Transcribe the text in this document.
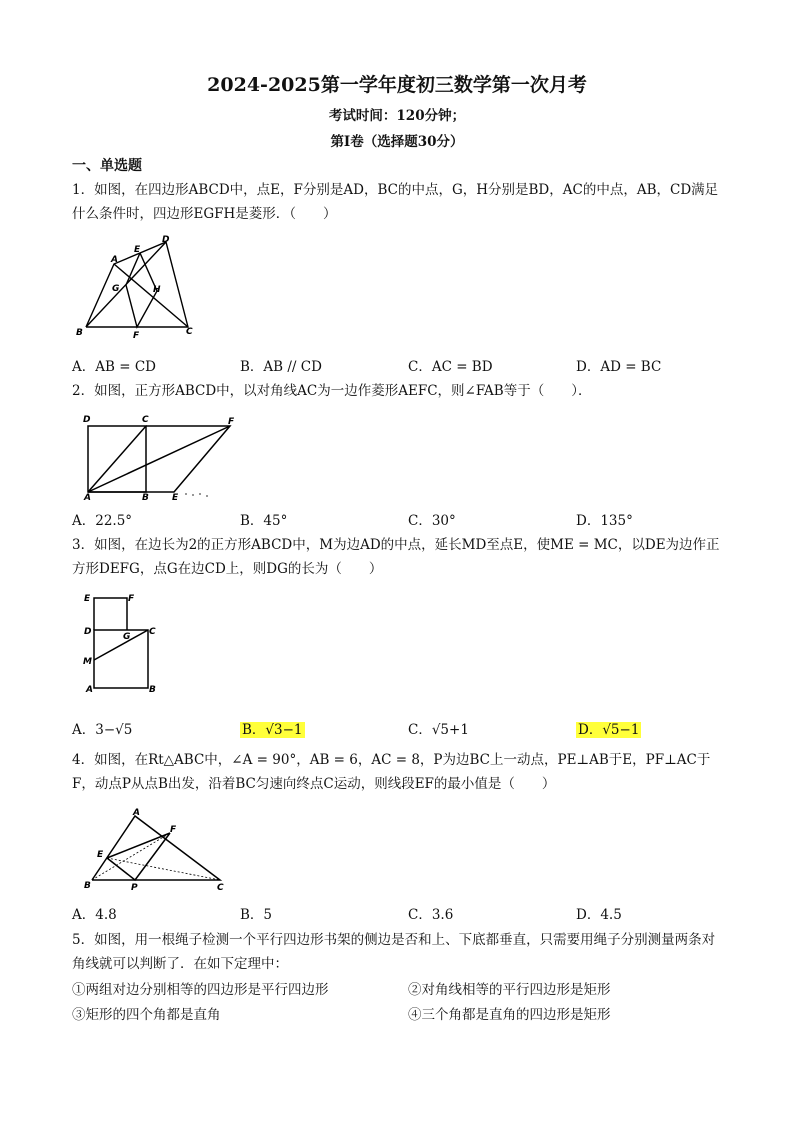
2024-2025第一学年度初三数学第一次月考
考试时间：120分钟；
第I卷（选择题30分）
一、单选题
1．如图，在四边形ABCD中，点E，F分别是AD，BC的中点，G，H分别是BD，AC的中点，AB，CD满足什么条件时，四边形EGFH是菱形．（　　）
A
E
D
G	H
B	F	C
A．AB = CD	B．AB // CD	C．AC = BD	D．AD = BC
2．如图，正方形ABCD中，以对角线AC为一边作菱形AEFC，则∠FAB等于（　　）．
D	C	F
A	B	E
A．22.5°	B．45°	C．30°	D．135°
3．如图，在边长为2的正方形ABCD中，M为边AD的中点，延长MD至点E，使ME = MC，以DE为边作正方形DEFG，点G在边CD上，则DG的长为（　　）
E	F
D	G C
M
A	B
A．3−√5	B．√3−1	C．√5+1	D．√5−1
4．如图，在Rt△ABC中，∠A = 90°，AB = 6，AC = 8，P为边BC上一动点，PE⊥AB于E，PF⊥AC于F，动点P从点B出发，沿着BC匀速向终点C运动，则线段EF的最小值是（　　）
A
F
E
B	P	C
A．4.8	B．5	C．3.6	D．4.5
5．如图，用一根绳子检测一个平行四边形书架的侧边是否和上、下底都垂直，只需要用绳子分别测量两条对角线就可以判断了．在如下定理中：
①两组对边分别相等的四边形是平行四边形	②对角线相等的平行四边形是矩形
③矩形的四个角都是直角	④三个角都是直角的四边形是矩形
